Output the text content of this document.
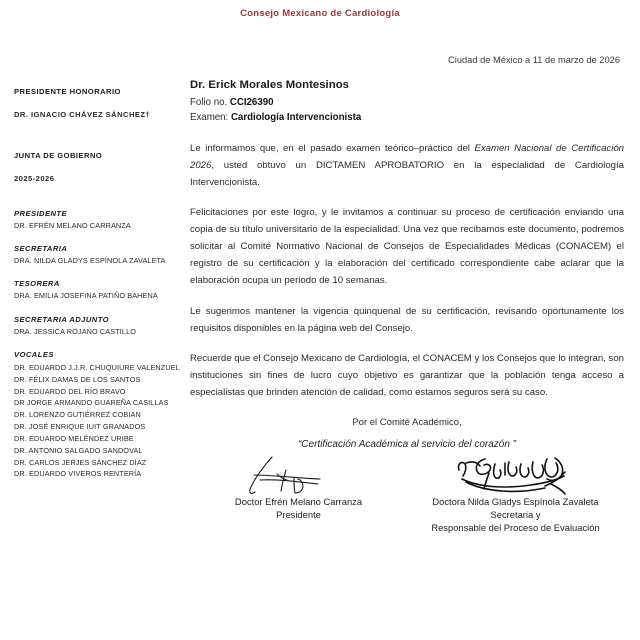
Consejo Mexicano de Cardiología
PRESIDENTE HONORARIO
DR. IGNACIO CHÁVEZ SÁNCHEZ†
JUNTA DE GOBIERNO
2025-2026
PRESIDENTE
DR. EFRÉN MELANO CARRANZA
SECRETARIA
DRA. NILDA GLADYS ESPÍNOLA ZAVALETA
TESORERA
DRA. EMILIA JOSEFINA PATIÑO BAHENA
SECRETARIA ADJUNTO
DRA. JESSICA ROJANO CASTILLO
VOCALES
DR. EDUARDO J.J.R. CHUQUIURE VALENZUEL
DR. FÉLIX DAMAS DE LOS SANTOS
DR. EDUARDO DEL RÍO BRAVO
DR JORGE ARMANDO GUAREÑA CASILLAS
DR. LORENZO GUTIÉRREZ COBIAN
DR. JOSÉ ENRIQUE IUIT GRANADOS
DR. EDUARDO MELÉNDEZ URIBE
DR. ANTONIO SALGADO SANDOVAL
DR. CARLOS JERJES SÁNCHEZ DÍAZ
DR. EDUARDO VIVEROS RENTERÍA
Ciudad de México a 11 de marzo de 2026
Dr. Erick Morales Montesinos
Folio no. CCI26390
Examen: Cardiología Intervencionista

Le informamos que, en el pasado examen teórico–práctico del Examen Nacional de Certificación 2026, usted obtuvo un DICTAMEN APROBATORIO en la especialidad de Cardiología Intervencionista.

Felicitaciones por este logro, y le invitamos a continuar su proceso de certificación enviando una copia de su título universitario de la especialidad. Una vez que recibamos este documento, podremos solicitar al Comité Normativo Nacional de Consejos de Especialidades Médicas (CONACEM) el registro de su certificación y la elaboración del certificado correspondiente cabe aclarar que la elaboración ocupa un periodo de 10 semanas.

Le sugerimos mantener la vigencia quinquenal de su certificación, revisando oportunamente los requisitos disponibles en la página web del Consejo.

Recuerde que el Consejo Mexicano de Cardiología, el CONACEM y los Consejos que lo integran, son instituciones sin fines de lucro cuyo objetivo es garantizar que la población tenga acceso a especialistas que brinden atención de calidad, como estamos seguros será su caso.

Por el Comité Académico,
“Certificación Académica al servicio del corazón ”
Doctor Efrén Melano Carranza
Presidente
Doctora Nilda Gladys Espínola Zavaleta
Secretaria y
Responsable del Proceso de Evaluación
